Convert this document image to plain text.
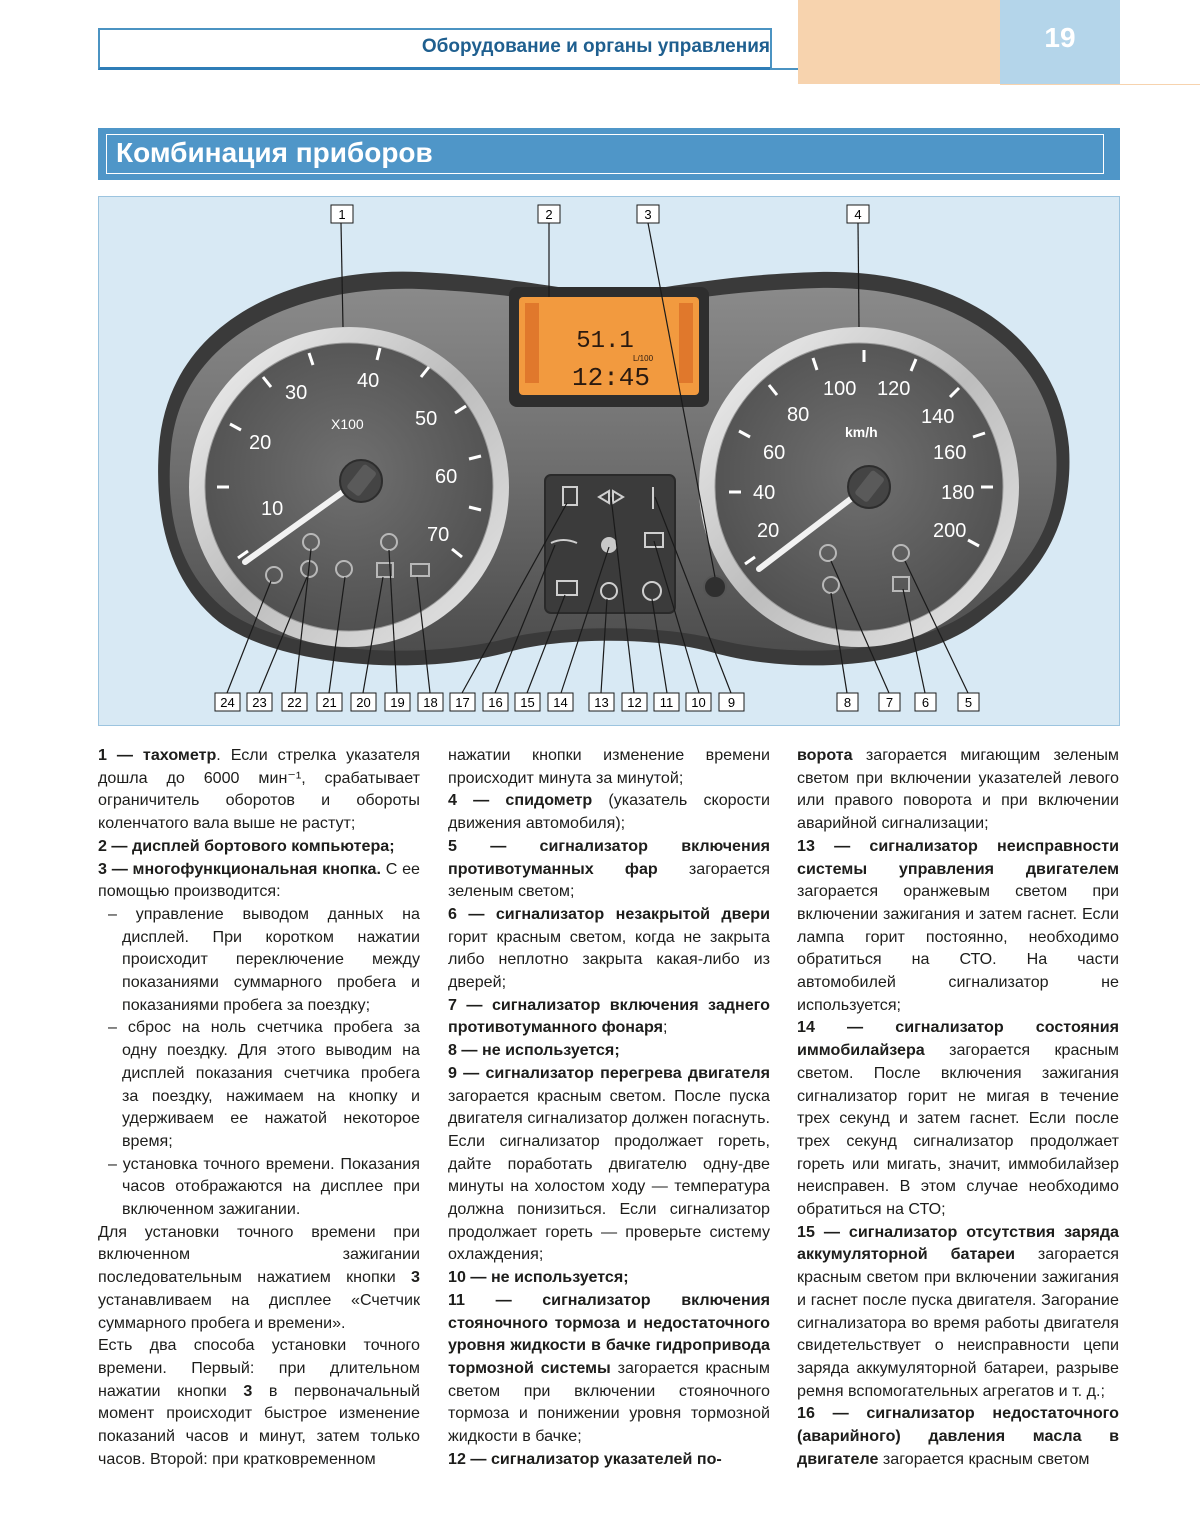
Оборудование и органы управления	19
Комбинация приборов
10
20
30
40
50
60
70
X100
20
40
60
80
100 120
140
160
180
200
km/h
51.1
L/100
12:45
1	2	3	4
24 23 22 21 20 19 18 17 16 15 14 13 12 11 10 9	8	7 6	5

1 — тахометр. Если стрелка указателя дошла до 6000 мин⁻¹, срабатывает ограничитель оборотов и обороты коленчатого вала выше не растут;

2 — дисплей бортового компьютера;

3 — многофункциональная кнопка. С ее помощью производится:

– управление выводом данных на дисплей. При коротком нажатии происходит переключение между показаниями суммарного пробега и показаниями пробега за поездку;

– сброс на ноль счетчика пробега за одну поездку. Для этого выводим на дисплей показания счетчика пробега за поездку, нажимаем на кнопку и удерживаем ее нажатой некоторое время;

– установка точного времени. Показания часов отображаются на дисплее при включенном зажигании.

Для установки точного времени при включенном зажигании последовательным нажатием кнопки 3 устанавливаем на дисплее «Счетчик суммарного пробега и времени».

Есть два способа установки точного времени. Первый: при длительном нажатии кнопки 3 в первоначальный момент происходит быстрое изменение показаний часов и минут, затем только часов. Второй: при кратковременном

нажатии кнопки изменение времени происходит минута за минутой;

4 — спидометр (указатель скорости движения автомобиля);

5 — сигнализатор включения противотуманных фар загорается зеленым светом;

6 — сигнализатор незакрытой двери горит красным светом, когда не закрыта либо неплотно закрыта какая-либо из дверей;

7 — сигнализатор включения заднего противотуманного фонаря;

8 — не используется;

9 — сигнализатор перегрева двигателя загорается красным светом. После пуска двигателя сигнализатор должен погаснуть. Если сигнализатор продолжает гореть, дайте поработать двигателю одну-две минуты на холостом ходу — температура должна понизиться. Если сигнализатор продолжает гореть — проверьте систему охлаждения;

10 — не используется;

11 — сигнализатор включения стояночного тормоза и недостаточного уровня жидкости в бачке гидропривода тормозной системы загорается красным светом при включении стояночного тормоза и понижении уровня тормозной жидкости в бачке;

12 — сигнализатор указателей по-

ворота загорается мигающим зеленым светом при включении указателей левого или правого поворота и при включении аварийной сигнализации;

13 — сигнализатор неисправности системы управления двигателем загорается оранжевым светом при включении зажигания и затем гаснет. Если лампа горит постоянно, необходимо обратиться на СТО. На части автомобилей сигнализатор не используется;

14 — сигнализатор состояния иммобилайзера загорается красным светом. После включения зажигания сигнализатор горит не мигая в течение трех секунд и затем гаснет. Если после трех секунд сигнализатор продолжает гореть или мигать, значит, иммобилайзер неисправен. В этом случае необходимо обратиться на СТО;

15 — сигнализатор отсутствия заряда аккумуляторной батареи загорается красным светом при включении зажигания и гаснет после пуска двигателя. Загорание сигнализатора во время работы двигателя свидетельствует о неисправности цепи заряда аккумуляторной батареи, разрыве ремня вспомогательных агрегатов и т. д.;

16 — сигнализатор недостаточного (аварийного) давления масла в двигателе загорается красным светом
